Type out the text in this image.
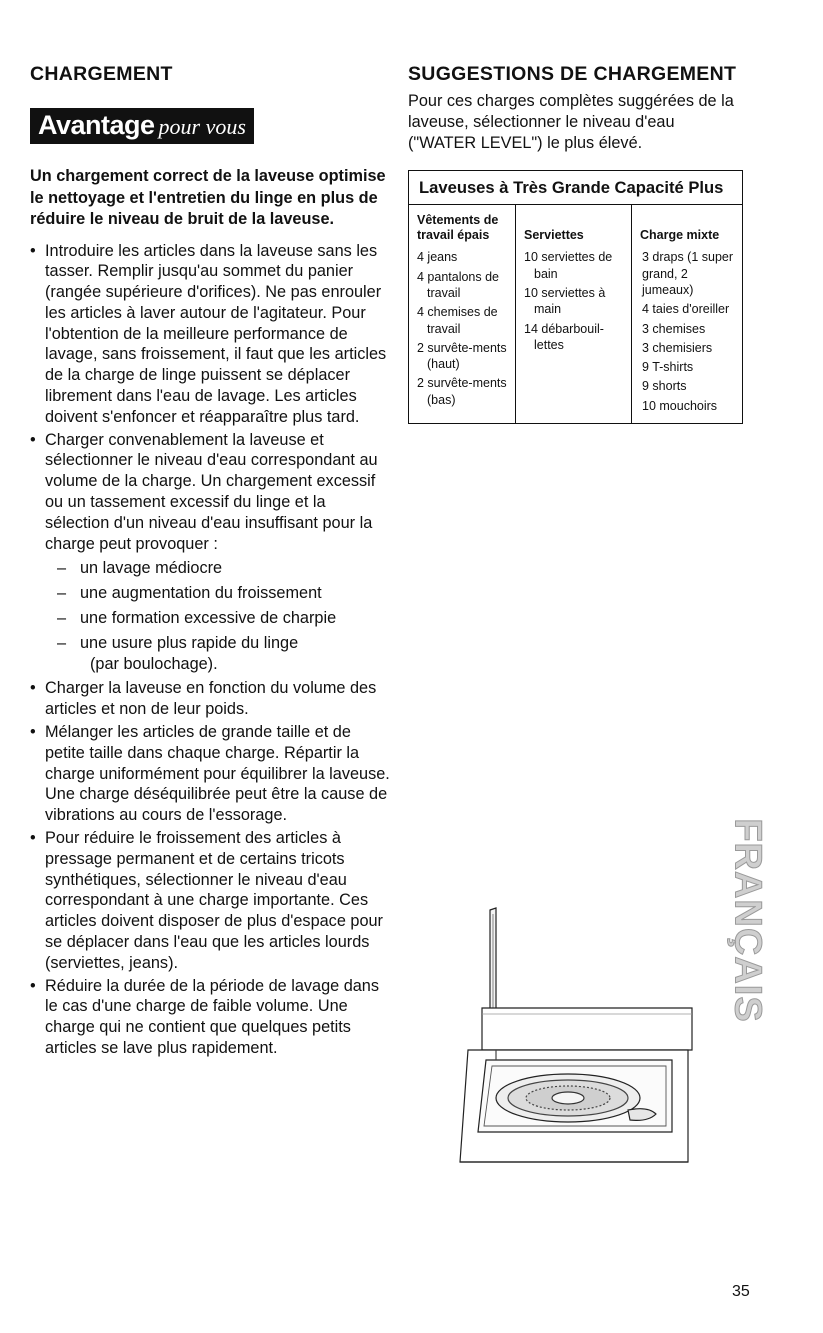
CHARGEMENT
Avantage pour vous
Un chargement correct de la laveuse optimise le nettoyage et l'entretien du linge en plus de réduire le niveau de bruit de la laveuse.
• Introduire les articles dans la laveuse sans les tasser. Remplir jusqu'au sommet du panier (rangée supérieure d'orifices). Ne pas enrouler les articles à laver autour de l'agitateur. Pour l'obtention de la meilleure performance de lavage, sans froissement, il faut que les articles de la charge de linge puissent se déplacer librement dans l'eau de lavage. Les articles doivent s'enfoncer et réapparaître plus tard.
• Charger convenablement la laveuse et sélectionner le niveau d'eau correspondant au volume de la charge. Un chargement excessif ou un tassement excessif du linge et la sélection d'un niveau d'eau insuffisant pour la charge peut provoquer :
– un lavage médiocre
– une augmentation du froissement
– une formation excessive de charpie
– une usure plus rapide du linge
(par boulochage).
• Charger la laveuse en fonction du volume des articles et non de leur poids.
• Mélanger les articles de grande taille et de petite taille dans chaque charge. Répartir la charge uniformément pour équilibrer la laveuse. Une charge déséquilibrée peut être la cause de vibrations au cours de l'essorage.
• Pour réduire le froissement des articles à pressage permanent et de certains tricots synthétiques, sélectionner le niveau d'eau correspondant à une charge importante. Ces articles doivent disposer de plus d'espace pour se déplacer dans l'eau que les articles lourds (serviettes, jeans).
• Réduire la durée de la période de lavage dans le cas d'une charge de faible volume. Une charge qui ne contient que quelques petits articles se lave plus rapidement.
SUGGESTIONS DE CHARGEMENT
Pour ces charges complètes suggérées de la laveuse, sélectionner le niveau d'eau ("WATER LEVEL") le plus élevé.
Laveuses à Très Grande Capacité Plus
Vêtements de travail épais
4 jeans
4 pantalons de travail
4 chemises de travail
2 survête-ments (haut)
2 survête-ments (bas)
Serviettes
10 serviettes de bain
10 serviettes à main
14 débarbouil-lettes
Charge mixte
3 draps (1 super grand, 2 jumeaux)
4 taies d'oreiller
3 chemises
3 chemisiers
9 T-shirts
9 shorts
10 mouchoirs
FRANÇAIS
35
